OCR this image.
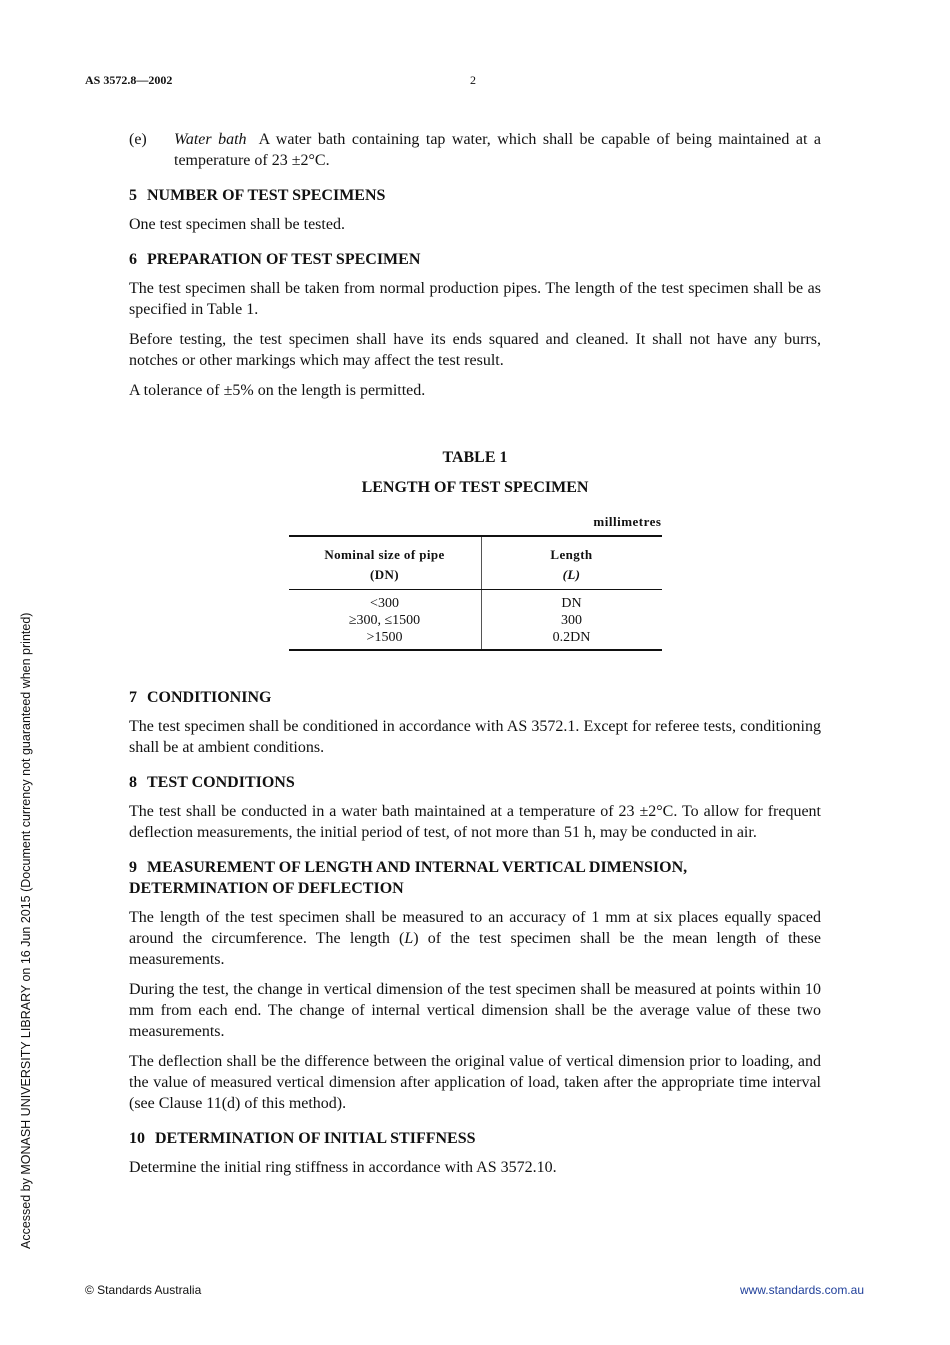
AS 3572.8—2002	2
(e)	Water bath A water bath containing tap water, which shall be capable of being maintained at a temperature of 23 ±2°C.
5 NUMBER OF TEST SPECIMENS

One test specimen shall be tested.

6 PREPARATION OF TEST SPECIMEN

The test specimen shall be taken from normal production pipes. The length of the test specimen shall be as specified in Table 1.

Before testing, the test specimen shall have its ends squared and cleaned. It shall not have any burrs, notches or other markings which may affect the test result.

A tolerance of ±5% on the length is permitted.

TABLE 1
LENGTH OF TEST SPECIMEN
millimetres
Nominal size of pipe
(DN)	Length
(L)
<300	DN
≥300, ≤1500	300
>1500	0.2DN
7 CONDITIONING

The test specimen shall be conditioned in accordance with AS 3572.1. Except for referee tests, conditioning shall be at ambient conditions.

8 TEST CONDITIONS

The test shall be conducted in a water bath maintained at a temperature of 23 ±2°C. To allow for frequent deflection measurements, the initial period of test, of not more than 51 h, may be conducted in air.

9 MEASUREMENT OF LENGTH AND INTERNAL VERTICAL DIMENSION, DETERMINATION OF DEFLECTION

The length of the test specimen shall be measured to an accuracy of 1 mm at six places equally spaced around the circumference. The length (L) of the test specimen shall be the mean length of these measurements.

During the test, the change in vertical dimension of the test specimen shall be measured at points within 10 mm from each end. The change of internal vertical dimension shall be the average value of these two measurements.

The deflection shall be the difference between the original value of vertical dimension prior to loading, and the value of measured vertical dimension after application of load, taken after the appropriate time interval (see Clause 11(d) of this method).

10 DETERMINATION OF INITIAL STIFFNESS

Determine the initial ring stiffness in accordance with AS 3572.10.

Accessed by MONASH UNIVERSITY LIBRARY on 16 Jun 2015 (Document currency not guaranteed when printed)
© Standards Australia	www.standards.com.au
